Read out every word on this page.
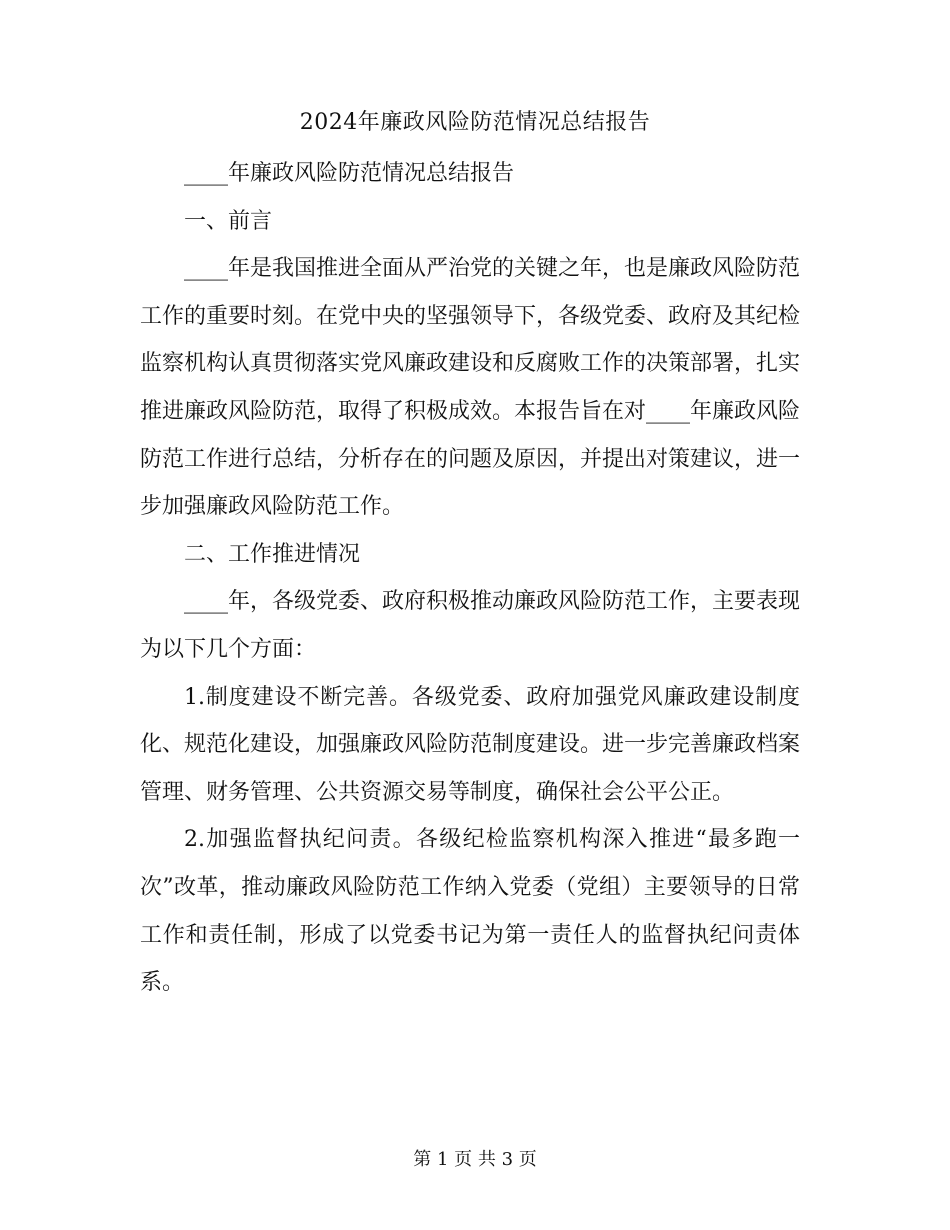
2024年廉政风险防范情况总结报告

____年廉政风险防范情况总结报告

一、前言

____年是我国推进全面从严治党的关键之年，也是廉政风险防范工作的重要时刻。在党中央的坚强领导下，各级党委、政府及其纪检监察机构认真贯彻落实党风廉政建设和反腐败工作的决策部署，扎实推进廉政风险防范，取得了积极成效。本报告旨在对____年廉政风险防范工作进行总结，分析存在的问题及原因，并提出对策建议，进一步加强廉政风险防范工作。

二、工作推进情况

____年，各级党委、政府积极推动廉政风险防范工作，主要表现为以下几个方面：

1.制度建设不断完善。各级党委、政府加强党风廉政建设制度化、规范化建设，加强廉政风险防范制度建设。进一步完善廉政档案管理、财务管理、公共资源交易等制度，确保社会公平公正。

2.加强监督执纪问责。各级纪检监察机构深入推进“最多跑一次”改革，推动廉政风险防范工作纳入党委（党组）主要领导的日常工作和责任制，形成了以党委书记为第一责任人的监督执纪问责体系。

第 1 页 共 3 页
